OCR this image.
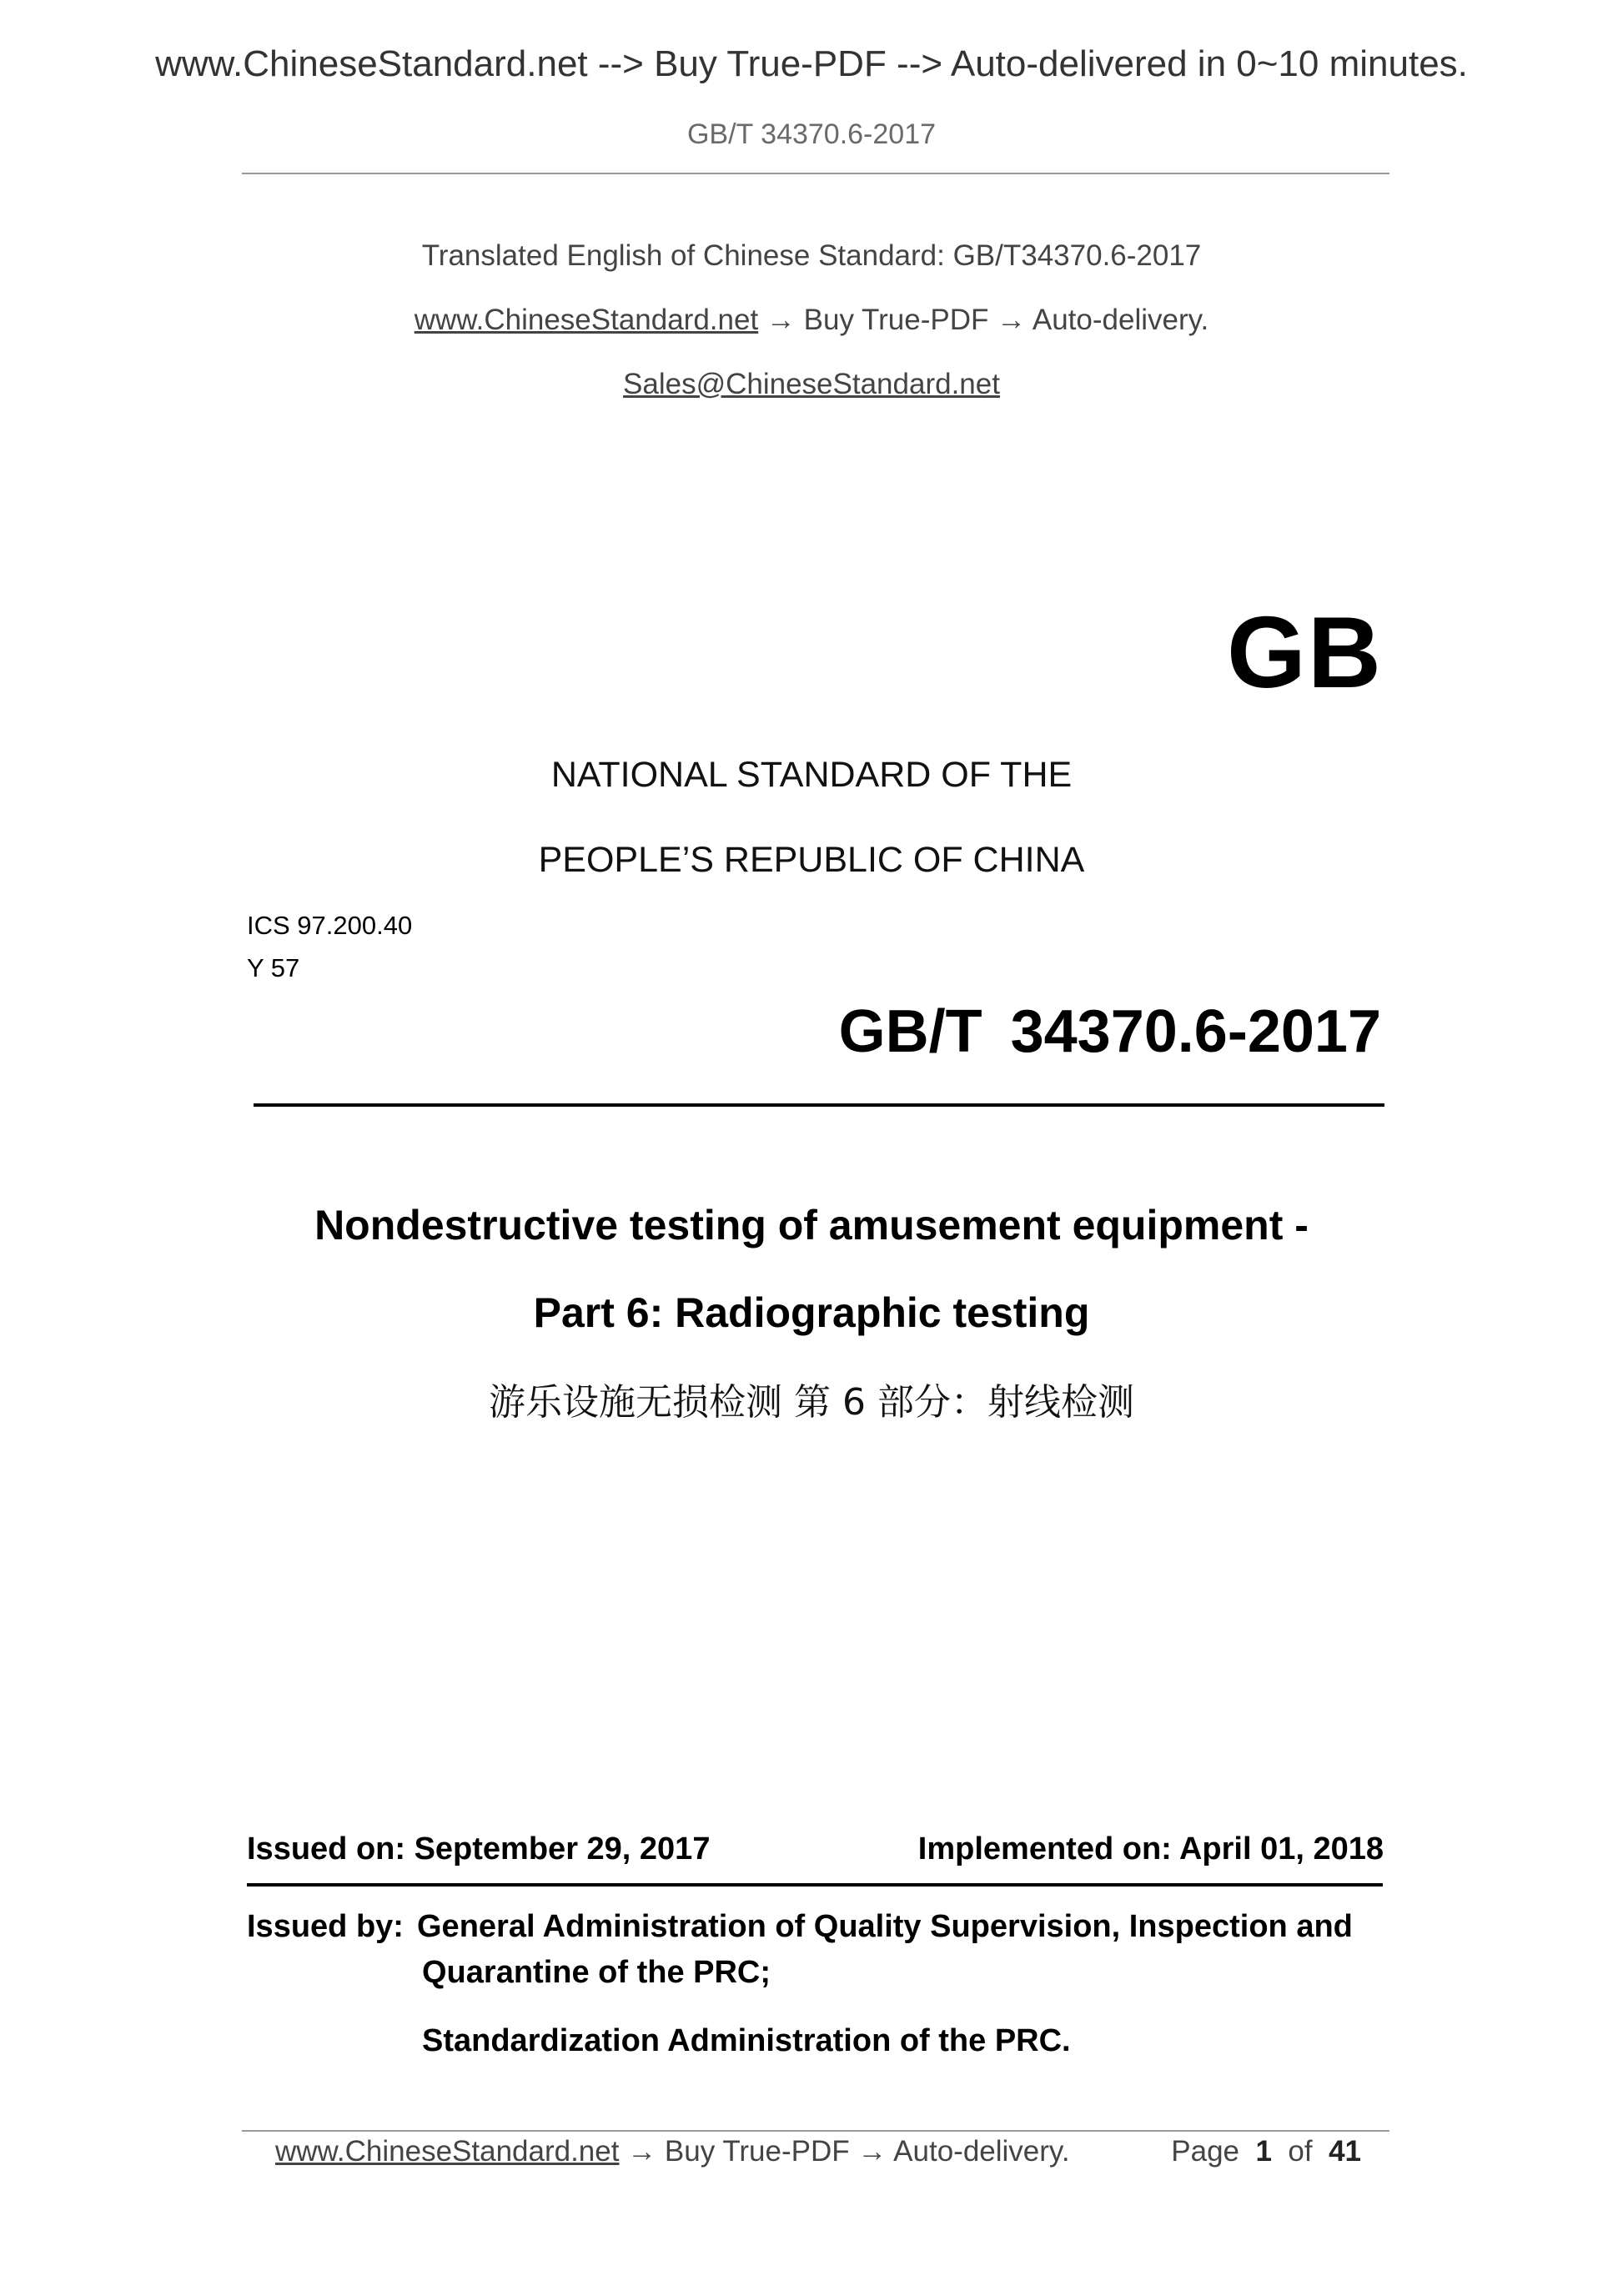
www.ChineseStandard.net --> Buy True-PDF --> Auto-delivered in 0~10 minutes.
GB/T 34370.6-2017
Translated English of Chinese Standard: GB/T34370.6-2017
www.ChineseStandard.net → Buy True-PDF → Auto-delivery.
Sales@ChineseStandard.net
GB
NATIONAL STANDARD OF THE
PEOPLE’S REPUBLIC OF CHINA
ICS 97.200.40
Y 57
GB/T 34370.6-2017
Nondestructive testing of amusement equipment -
Part 6: Radiographic testing
游乐设施无损检测 第 6 部分：射线检测
Issued on: September 29, 2017	Implemented on: April 01, 2018
Issued by: General Administration of Quality Supervision, Inspection and
Quarantine of the PRC;
Standardization Administration of the PRC.
www.ChineseStandard.net → Buy True-PDF → Auto-delivery.	Page 1 of 41
